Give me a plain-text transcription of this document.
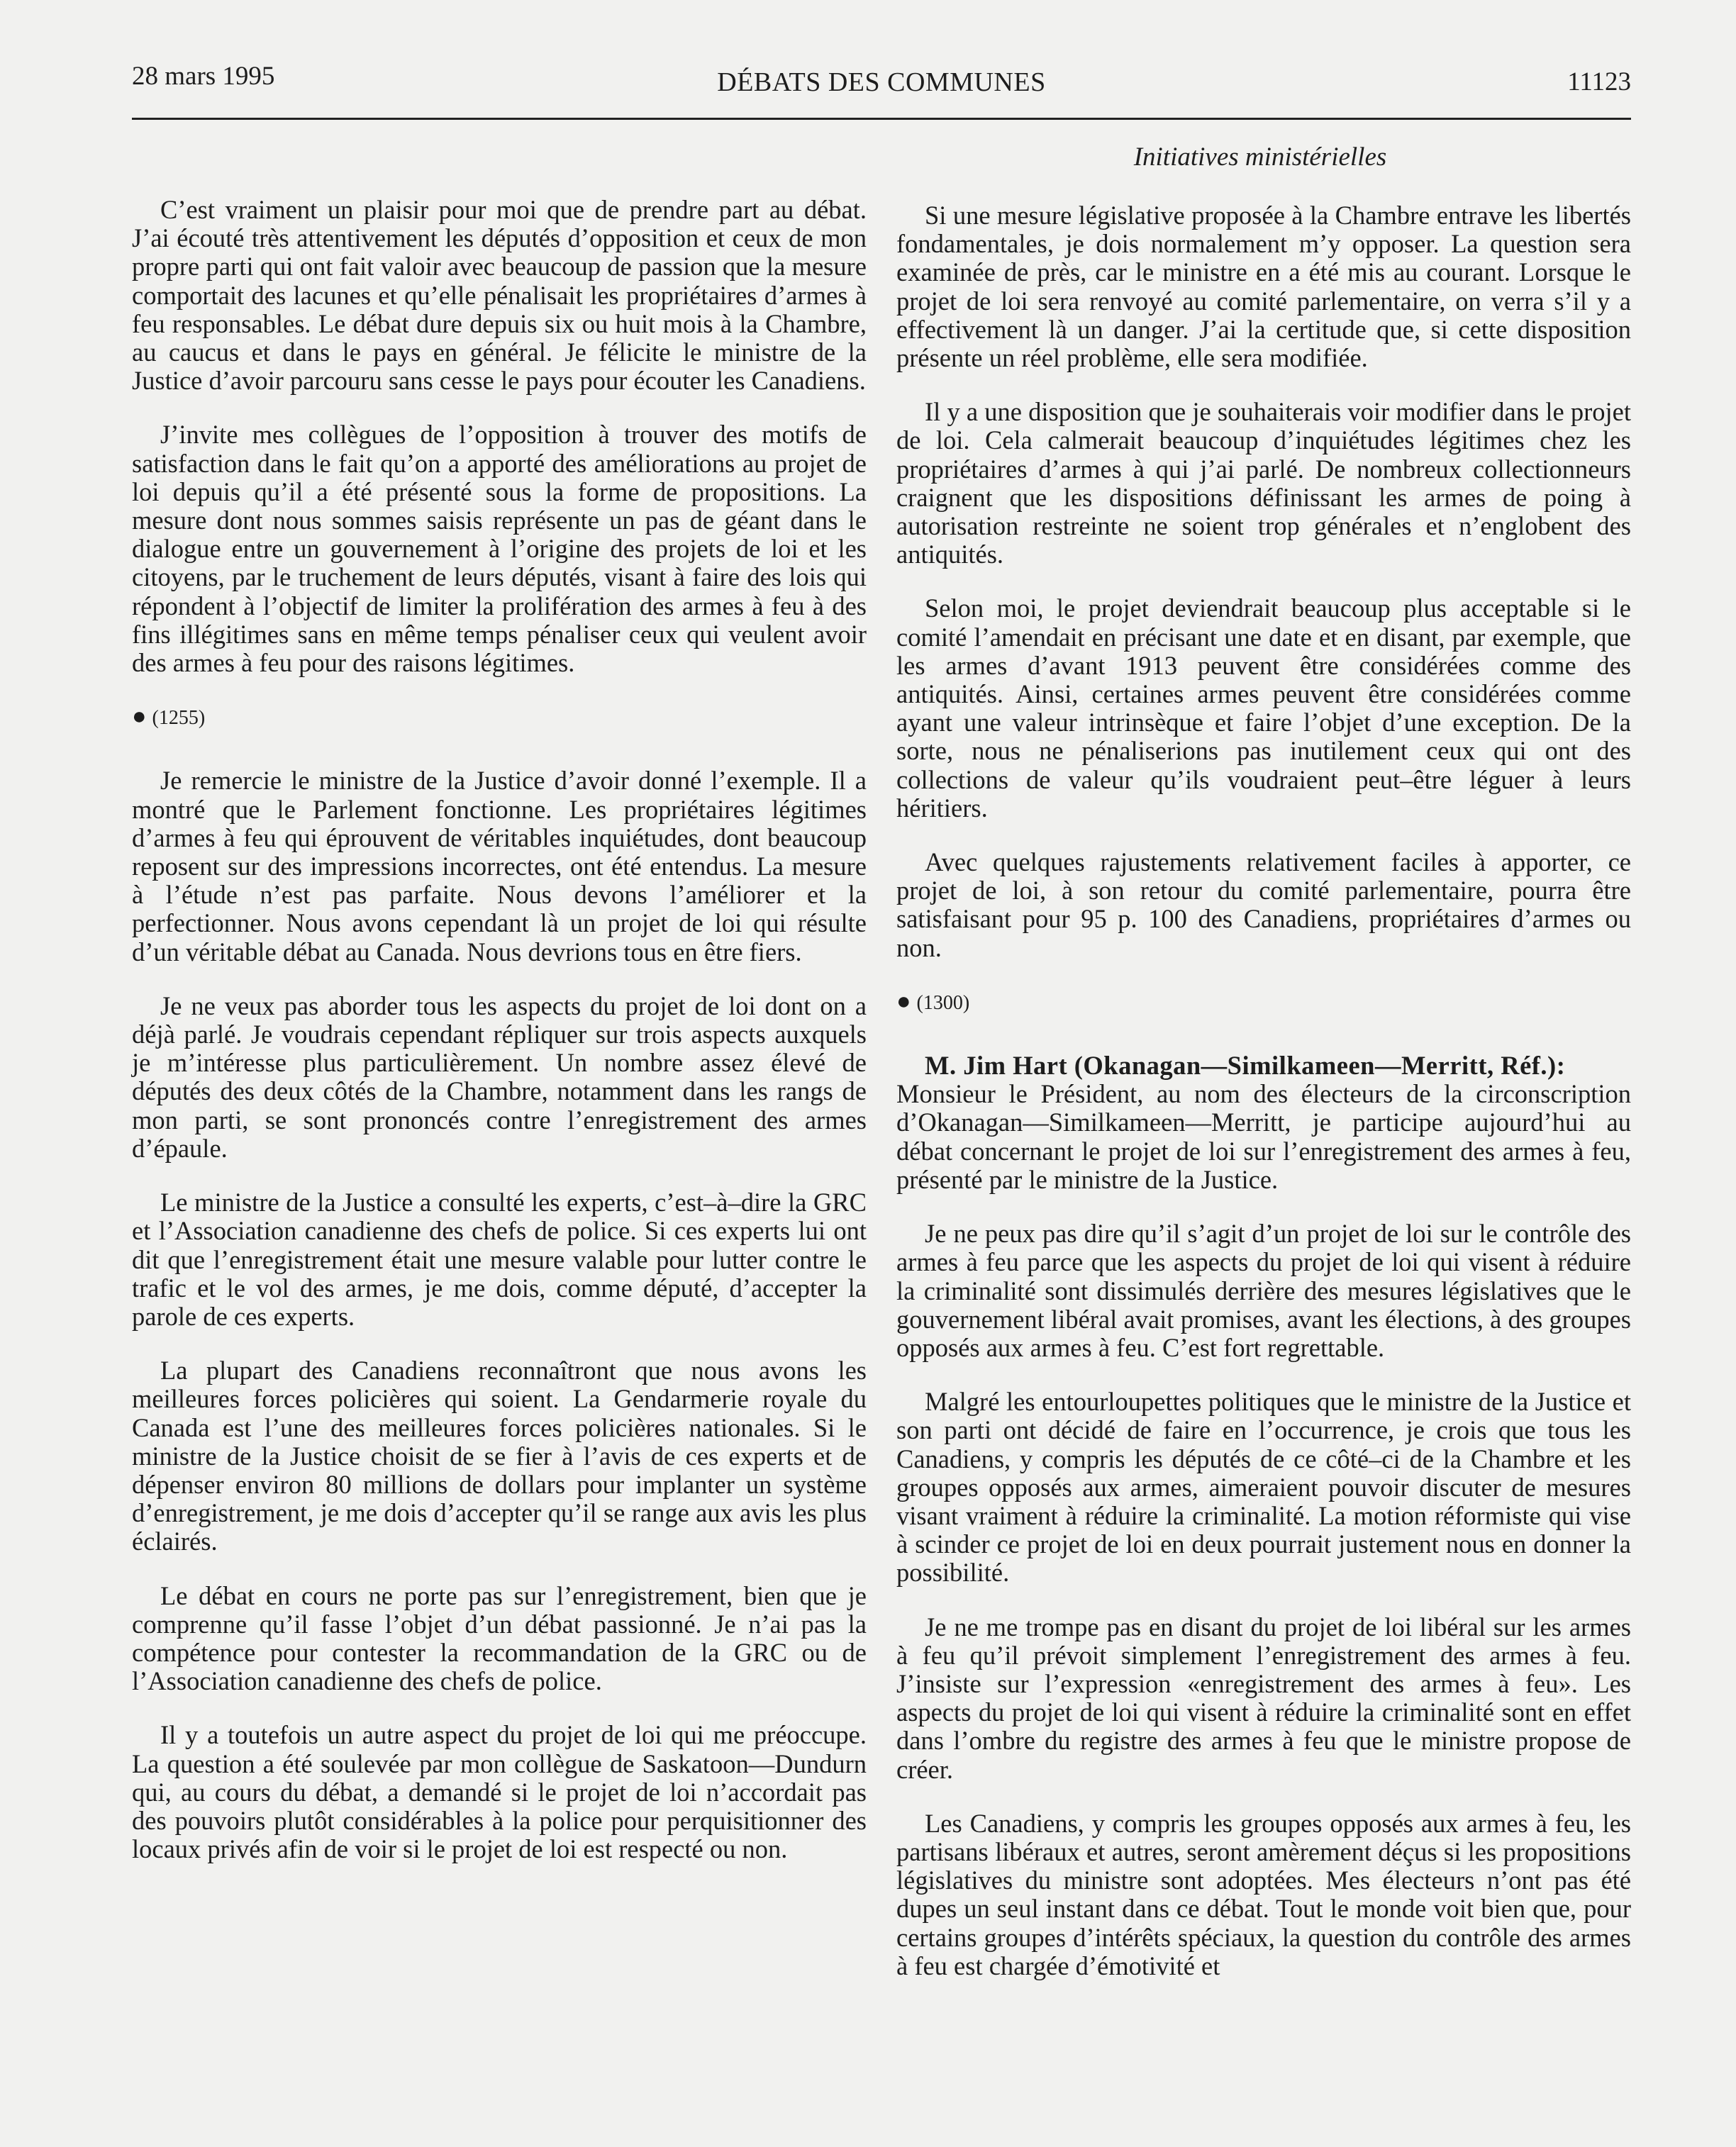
28 mars 1995	DÉBATS DES COMMUNES	11123
Initiatives ministérielles

C’est vraiment un plaisir pour moi que de prendre part au débat. J’ai écouté très attentivement les députés d’opposition et ceux de mon propre parti qui ont fait valoir avec beaucoup de passion que la mesure comportait des lacunes et qu’elle pénalisait les propriétaires d’armes à feu responsables. Le débat dure depuis six ou huit mois à la Chambre, au caucus et dans le pays en général. Je félicite le ministre de la Justice d’avoir parcouru sans cesse le pays pour écouter les Canadiens.

J’invite mes collègues de l’opposition à trouver des motifs de satisfaction dans le fait qu’on a apporté des améliorations au projet de loi depuis qu’il a été présenté sous la forme de propositions. La mesure dont nous sommes saisis représente un pas de géant dans le dialogue entre un gouvernement à l’origine des projets de loi et les citoyens, par le truchement de leurs députés, visant à faire des lois qui répondent à l’objectif de limiter la prolifération des armes à feu à des fins illégitimes sans en même temps pénaliser ceux qui veulent avoir des armes à feu pour des raisons légitimes.

● (1255)

Je remercie le ministre de la Justice d’avoir donné l’exemple. Il a montré que le Parlement fonctionne. Les propriétaires légitimes d’armes à feu qui éprouvent de véritables inquiétudes, dont beaucoup reposent sur des impressions incorrectes, ont été entendus. La mesure à l’étude n’est pas parfaite. Nous devons l’améliorer et la perfectionner. Nous avons cependant là un projet de loi qui résulte d’un véritable débat au Canada. Nous devrions tous en être fiers.

Je ne veux pas aborder tous les aspects du projet de loi dont on a déjà parlé. Je voudrais cependant répliquer sur trois aspects auxquels je m’intéresse plus particulièrement. Un nombre assez élevé de députés des deux côtés de la Chambre, notamment dans les rangs de mon parti, se sont prononcés contre l’enregistrement des armes d’épaule.

Le ministre de la Justice a consulté les experts, c’est–à–dire la GRC et l’Association canadienne des chefs de police. Si ces experts lui ont dit que l’enregistrement était une mesure valable pour lutter contre le trafic et le vol des armes, je me dois, comme député, d’accepter la parole de ces experts.

La plupart des Canadiens reconnaîtront que nous avons les meilleures forces policières qui soient. La Gendarmerie royale du Canada est l’une des meilleures forces policières nationales. Si le ministre de la Justice choisit de se fier à l’avis de ces experts et de dépenser environ 80 millions de dollars pour implanter un système d’enregistrement, je me dois d’accepter qu’il se range aux avis les plus éclairés.

Le débat en cours ne porte pas sur l’enregistrement, bien que je comprenne qu’il fasse l’objet d’un débat passionné. Je n’ai pas la compétence pour contester la recommandation de la GRC ou de l’Association canadienne des chefs de police.

Il y a toutefois un autre aspect du projet de loi qui me préoccupe. La question a été soulevée par mon collègue de Saskatoon—Dundurn qui, au cours du débat, a demandé si le projet de loi n’accordait pas des pouvoirs plutôt considérables à la police pour perquisitionner des locaux privés afin de voir si le projet de loi est respecté ou non.

Si une mesure législative proposée à la Chambre entrave les libertés fondamentales, je dois normalement m’y opposer. La question sera examinée de près, car le ministre en a été mis au courant. Lorsque le projet de loi sera renvoyé au comité parlementaire, on verra s’il y a effectivement là un danger. J’ai la certitude que, si cette disposition présente un réel problème, elle sera modifiée.

Il y a une disposition que je souhaiterais voir modifier dans le projet de loi. Cela calmerait beaucoup d’inquiétudes légitimes chez les propriétaires d’armes à qui j’ai parlé. De nombreux collectionneurs craignent que les dispositions définissant les armes de poing à autorisation restreinte ne soient trop générales et n’englobent des antiquités.

Selon moi, le projet deviendrait beaucoup plus acceptable si le comité l’amendait en précisant une date et en disant, par exemple, que les armes d’avant 1913 peuvent être considérées comme des antiquités. Ainsi, certaines armes peuvent être considérées comme ayant une valeur intrinsèque et faire l’objet d’une exception. De la sorte, nous ne pénaliserions pas inutilement ceux qui ont des collections de valeur qu’ils voudraient peut–être léguer à leurs héritiers.

Avec quelques rajustements relativement faciles à apporter, ce projet de loi, à son retour du comité parlementaire, pourra être satisfaisant pour 95 p. 100 des Canadiens, propriétaires d’armes ou non.

● (1300)

M. Jim Hart (Okanagan—Similkameen—Merritt, Réf.):
Monsieur le Président, au nom des électeurs de la circonscription d’Okanagan—Similkameen—Merritt, je participe aujourd’hui au débat concernant le projet de loi sur l’enregistrement des armes à feu, présenté par le ministre de la Justice.

Je ne peux pas dire qu’il s’agit d’un projet de loi sur le contrôle des armes à feu parce que les aspects du projet de loi qui visent à réduire la criminalité sont dissimulés derrière des mesures législatives que le gouvernement libéral avait promises, avant les élections, à des groupes opposés aux armes à feu. C’est fort regrettable.

Malgré les entourloupettes politiques que le ministre de la Justice et son parti ont décidé de faire en l’occurrence, je crois que tous les Canadiens, y compris les députés de ce côté–ci de la Chambre et les groupes opposés aux armes, aimeraient pouvoir discuter de mesures visant vraiment à réduire la criminalité. La motion réformiste qui vise à scinder ce projet de loi en deux pourrait justement nous en donner la possibilité.

Je ne me trompe pas en disant du projet de loi libéral sur les armes à feu qu’il prévoit simplement l’enregistrement des armes à feu. J’insiste sur l’expression «enregistrement des armes à feu». Les aspects du projet de loi qui visent à réduire la criminalité sont en effet dans l’ombre du registre des armes à feu que le ministre propose de créer.

Les Canadiens, y compris les groupes opposés aux armes à feu, les partisans libéraux et autres, seront amèrement déçus si les propositions législatives du ministre sont adoptées. Mes électeurs n’ont pas été dupes un seul instant dans ce débat. Tout le monde voit bien que, pour certains groupes d’intérêts spéciaux, la question du contrôle des armes à feu est chargée d’émotivité et
